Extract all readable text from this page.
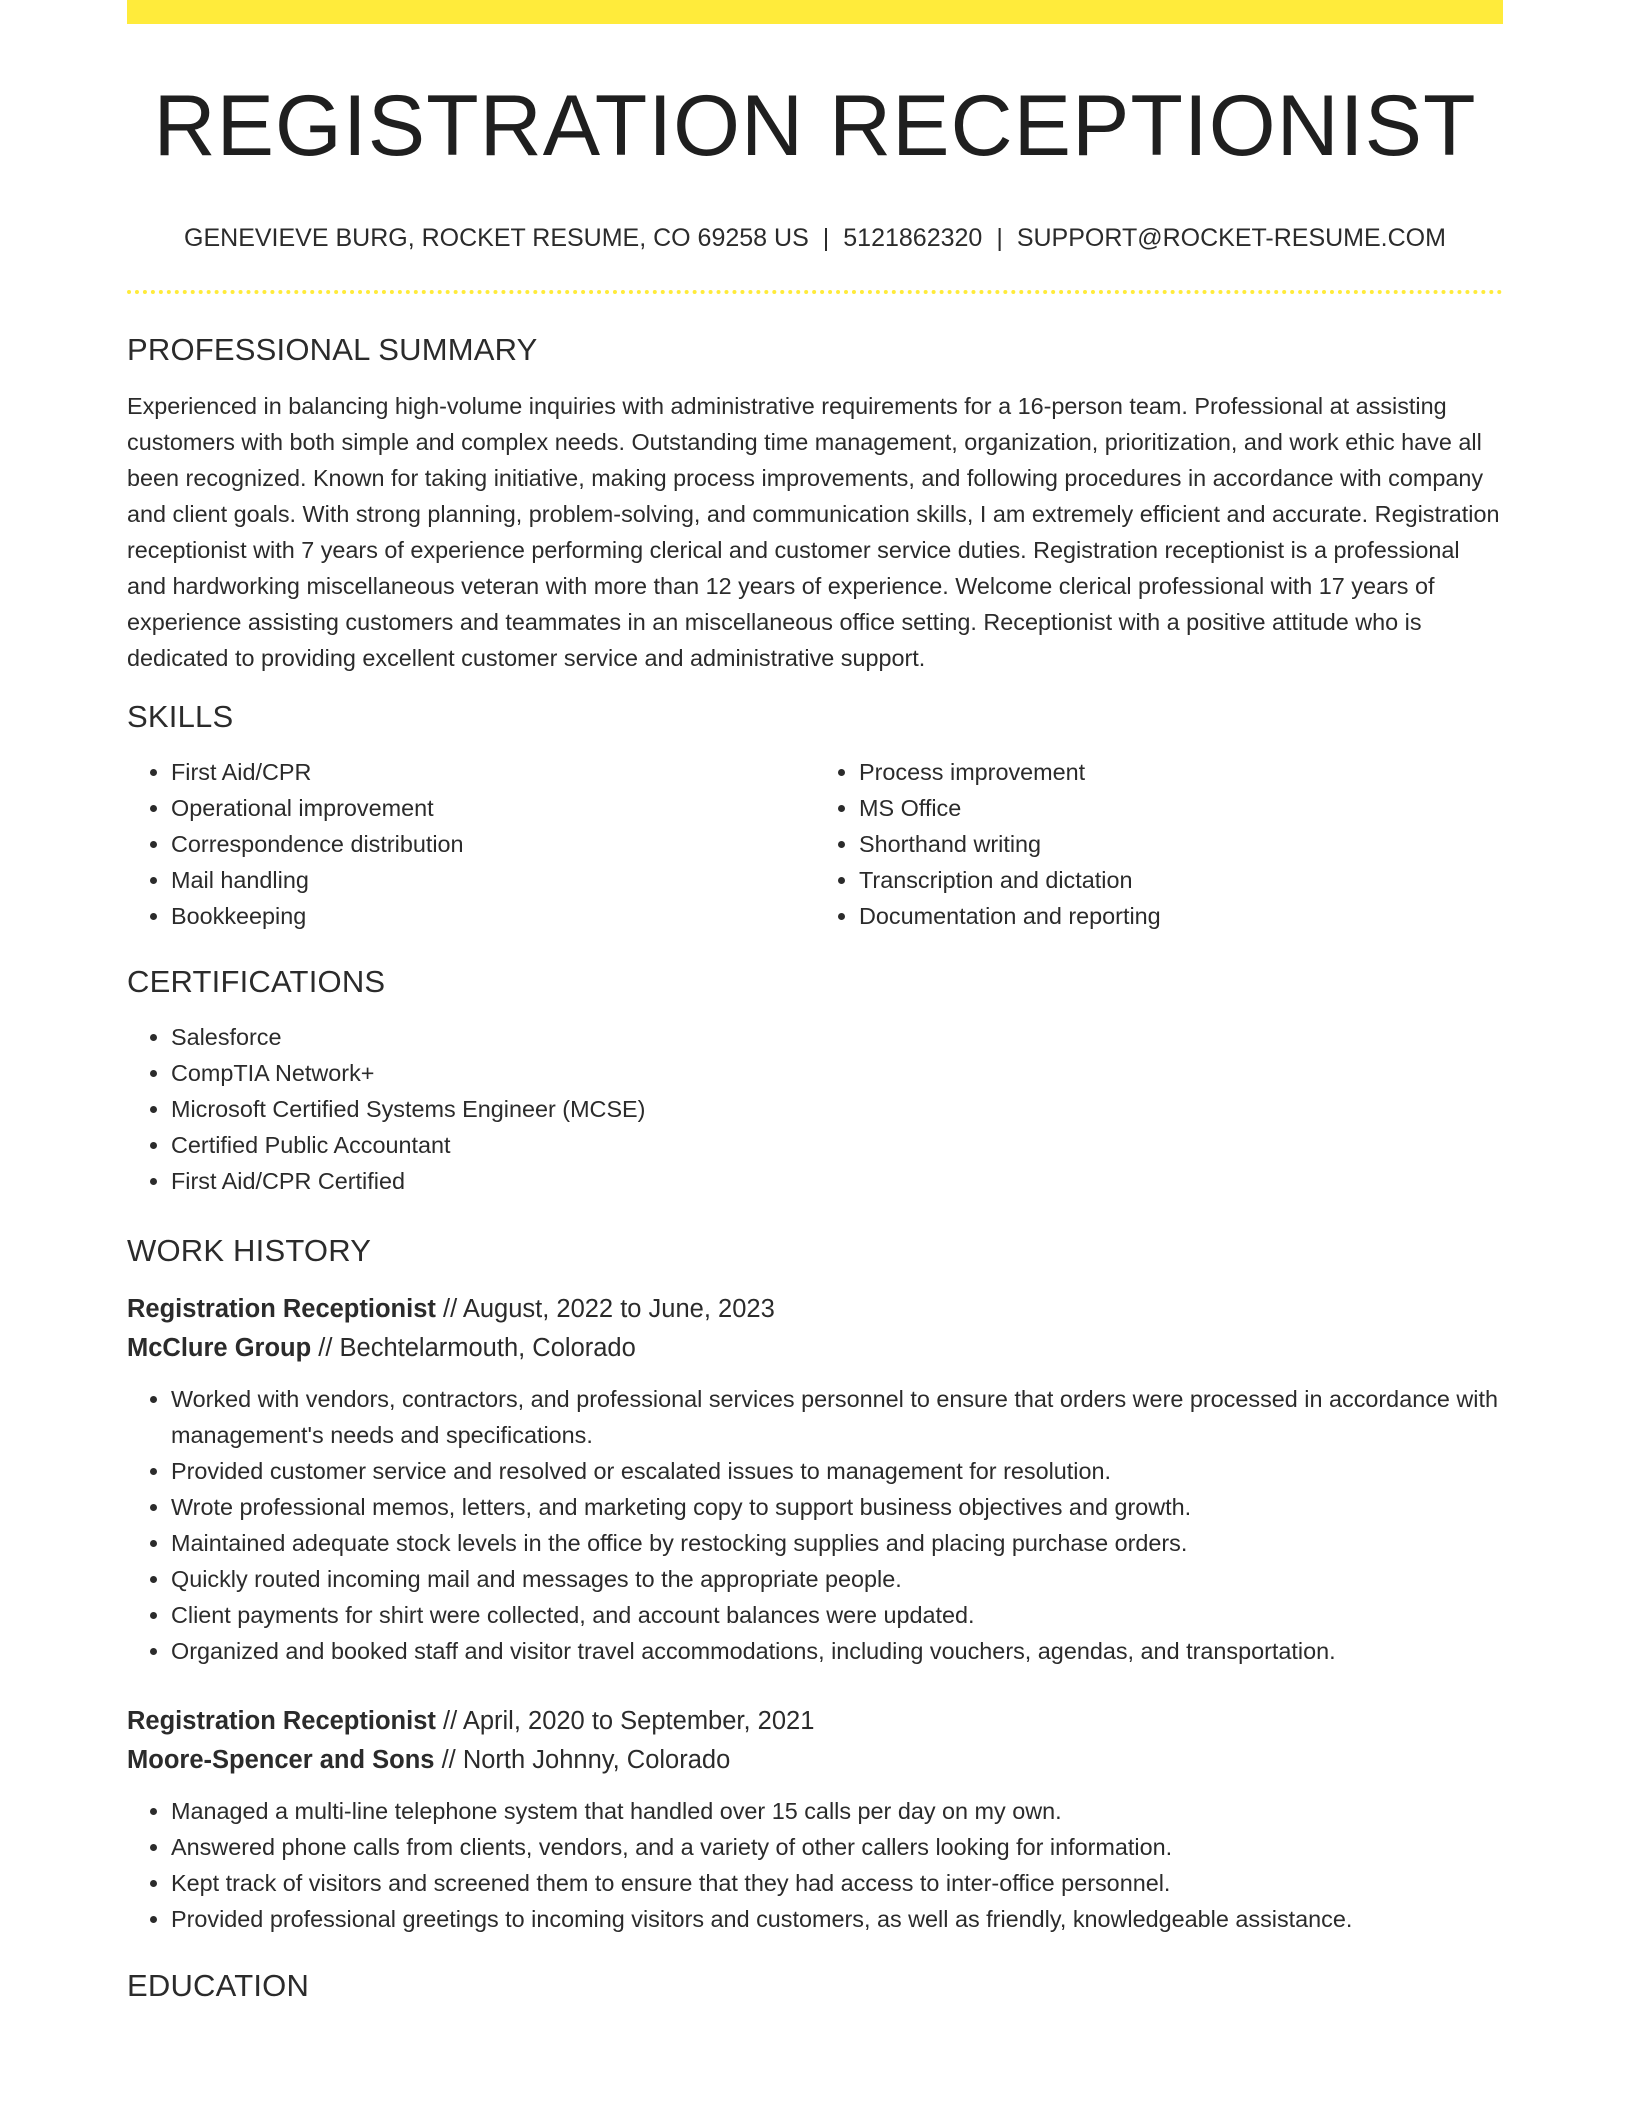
REGISTRATION RECEPTIONIST
GENEVIEVE BURG, ROCKET RESUME, CO 69258 US | 5121862320 | SUPPORT@ROCKET-RESUME.COM
PROFESSIONAL SUMMARY
Experienced in balancing high-volume inquiries with administrative requirements for a 16-person team. Professional at assisting customers with both simple and complex needs. Outstanding time management, organization, prioritization, and work ethic have all been recognized. Known for taking initiative, making process improvements, and following procedures in accordance with company and client goals. With strong planning, problem-solving, and communication skills, I am extremely efficient and accurate. Registration receptionist with 7 years of experience performing clerical and customer service duties. Registration receptionist is a professional and hardworking miscellaneous veteran with more than 12 years of experience. Welcome clerical professional with 17 years of experience assisting customers and teammates in an miscellaneous office setting. Receptionist with a positive attitude who is dedicated to providing excellent customer service and administrative support.
SKILLS
• First Aid/CPR
• Operational improvement
• Correspondence distribution
• Mail handling
• Bookkeeping
• Process improvement
• MS Office
• Shorthand writing
• Transcription and dictation
• Documentation and reporting
CERTIFICATIONS
• Salesforce
• CompTIA Network+
• Microsoft Certified Systems Engineer (MCSE)
• Certified Public Accountant
• First Aid/CPR Certified
WORK HISTORY
Registration Receptionist // August, 2022 to June, 2023
McClure Group // Bechtelarmouth, Colorado
• Worked with vendors, contractors, and professional services personnel to ensure that orders were processed in accordance with management's needs and specifications.
• Provided customer service and resolved or escalated issues to management for resolution.
• Wrote professional memos, letters, and marketing copy to support business objectives and growth.
• Maintained adequate stock levels in the office by restocking supplies and placing purchase orders.
• Quickly routed incoming mail and messages to the appropriate people.
• Client payments for shirt were collected, and account balances were updated.
• Organized and booked staff and visitor travel accommodations, including vouchers, agendas, and transportation.
Registration Receptionist // April, 2020 to September, 2021
Moore-Spencer and Sons // North Johnny, Colorado
• Managed a multi-line telephone system that handled over 15 calls per day on my own.
• Answered phone calls from clients, vendors, and a variety of other callers looking for information.
• Kept track of visitors and screened them to ensure that they had access to inter-office personnel.
• Provided professional greetings to incoming visitors and customers, as well as friendly, knowledgeable assistance.
EDUCATION
